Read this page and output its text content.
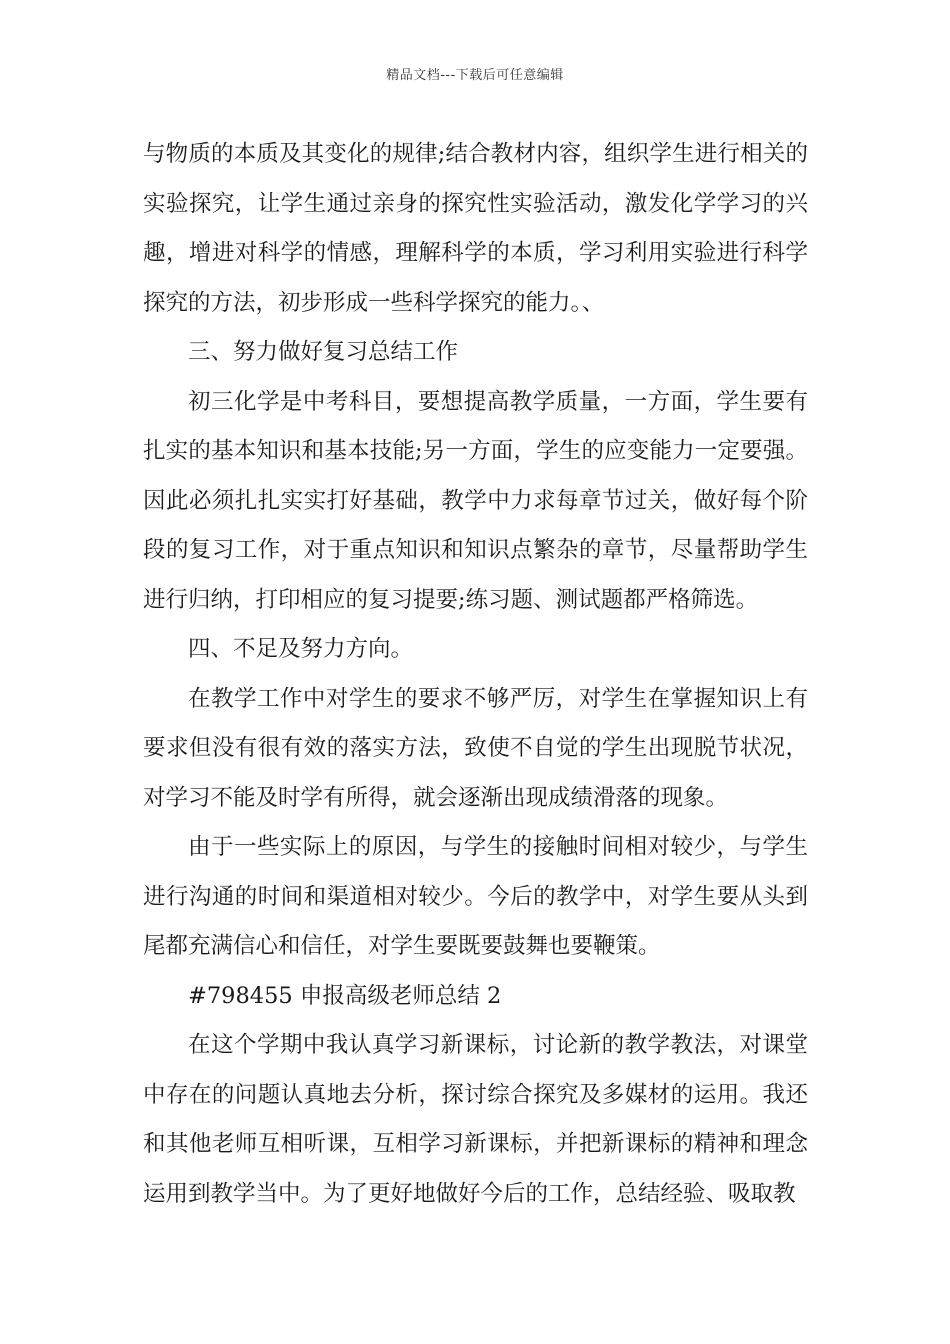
精品文档---下载后可任意编辑

与物质的本质及其变化的规律;结合教材内容，组织学生进行相关的实验探究，让学生通过亲身的探究性实验活动，激发化学学习的兴趣，增进对科学的情感，理解科学的本质，学习利用实验进行科学探究的方法，初步形成一些科学探究的能力。、

三、努力做好复习总结工作

初三化学是中考科目，要想提高教学质量，一方面，学生要有扎实的基本知识和基本技能;另一方面，学生的应变能力一定要强。因此必须扎扎实实打好基础，教学中力求每章节过关，做好每个阶段的复习工作，对于重点知识和知识点繁杂的章节，尽量帮助学生进行归纳，打印相应的复习提要;练习题、测试题都严格筛选。

四、不足及努力方向。

在教学工作中对学生的要求不够严厉，对学生在掌握知识上有要求但没有很有效的落实方法，致使不自觉的学生出现脱节状况，对学习不能及时学有所得，就会逐渐出现成绩滑落的现象。

由于一些实际上的原因，与学生的接触时间相对较少，与学生进行沟通的时间和渠道相对较少。今后的教学中，对学生要从头到尾都充满信心和信任，对学生要既要鼓舞也要鞭策。

#798455 申报高级老师总结 2

在这个学期中我认真学习新课标，讨论新的教学教法，对课堂中存在的问题认真地去分析，探讨综合探究及多媒材的运用。我还和其他老师互相听课，互相学习新课标，并把新课标的精神和理念运用到教学当中。为了更好地做好今后的工作，总结经验、吸取教
